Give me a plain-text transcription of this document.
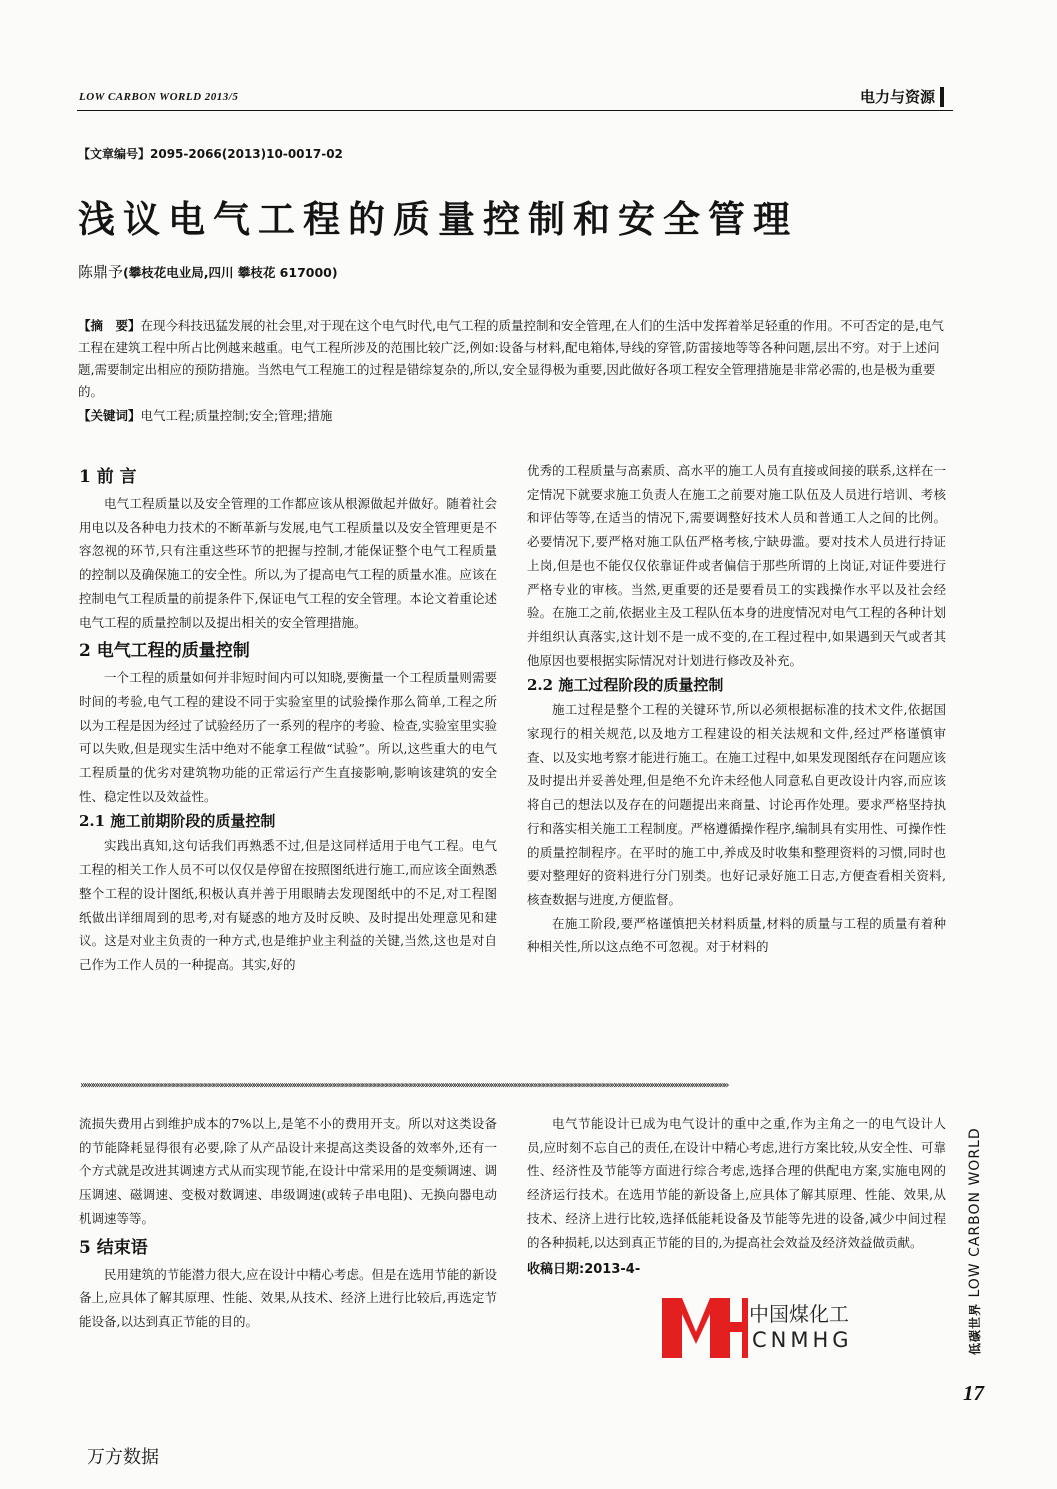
LOW CARBON WORLD 2013/5	电力与资源
【文章编号】2095-2066(2013)10-0017-02
浅议电气工程的质量控制和安全管理
陈鼎予(攀枝花电业局,四川 攀枝花 617000)
【摘　要】在现今科技迅猛发展的社会里,对于现在这个电气时代,电气工程的质量控制和安全管理,在人们的生活中发挥着举足轻重的作用。不可否定的是,电气工程在建筑工程中所占比例越来越重。电气工程所涉及的范围比较广泛,例如:设备与材料,配电箱体,导线的穿管,防雷接地等等各种问题,层出不穷。对于上述问题,需要制定出相应的预防措施。当然电气工程施工的过程是错综复杂的,所以,安全显得极为重要,因此做好各项工程安全管理措施是非常必需的,也是极为重要的。
【关键词】电气工程;质量控制;安全;管理;措施
1 前 言

电气工程质量以及安全管理的工作都应该从根源做起并做好。随着社会用电以及各种电力技术的不断革新与发展,电气工程质量以及安全管理更是不容忽视的环节,只有注重这些环节的把握与控制,才能保证整个电气工程质量的控制以及确保施工的安全性。所以,为了提高电气工程的质量水准。应该在控制电气工程质量的前提条件下,保证电气工程的安全管理。本论文着重论述电气工程的质量控制以及提出相关的安全管理措施。

2 电气工程的质量控制

一个工程的质量如何并非短时间内可以知晓,要衡量一个工程质量则需要时间的考验,电气工程的建设不同于实验室里的试验操作那么简单,工程之所以为工程是因为经过了试验经历了一系列的程序的考验、检查,实验室里实验可以失败,但是现实生活中绝对不能拿工程做“试验”。所以,这些重大的电气工程质量的优劣对建筑物功能的正常运行产生直接影响,影响该建筑的安全性、稳定性以及效益性。

2.1 施工前期阶段的质量控制

实践出真知,这句话我们再熟悉不过,但是这同样适用于电气工程。电气工程的相关工作人员不可以仅仅是停留在按照图纸进行施工,而应该全面熟悉整个工程的设计图纸,积极认真并善于用眼睛去发现图纸中的不足,对工程图纸做出详细周到的思考,对有疑惑的地方及时反映、及时提出处理意见和建议。这是对业主负责的一种方式,也是维护业主利益的关键,当然,这也是对自己作为工作人员的一种提高。其实,好的

优秀的工程质量与高素质、高水平的施工人员有直接或间接的联系,这样在一定情况下就要求施工负责人在施工之前要对施工队伍及人员进行培训、考核和评估等等,在适当的情况下,需要调整好技术人员和普通工人之间的比例。必要情况下,要严格对施工队伍严格考核,宁缺毋滥。要对技术人员进行持证上岗,但是也不能仅仅依靠证件或者偏信于那些所谓的上岗证,对证件要进行严格专业的审核。当然,更重要的还是要看员工的实践操作水平以及社会经验。在施工之前,依据业主及工程队伍本身的进度情况对电气工程的各种计划并组织认真落实,这计划不是一成不变的,在工程过程中,如果遇到天气或者其他原因也要根据实际情况对计划进行修改及补充。

2.2 施工过程阶段的质量控制

施工过程是整个工程的关键环节,所以必须根据标准的技术文件,依据国家现行的相关规范,以及地方工程建设的相关法规和文件,经过严格谨慎审查、以及实地考察才能进行施工。在施工过程中,如果发现图纸存在问题应该及时提出并妥善处理,但是绝不允许未经他人同意私自更改设计内容,而应该将自己的想法以及存在的问题提出来商量、讨论再作处理。要求严格坚持执行和落实相关施工工程制度。严格遵循操作程序,编制具有实用性、可操作性的质量控制程序。在平时的施工中,养成及时收集和整理资料的习惯,同时也要对整理好的资料进行分门别类。也好记录好施工日志,方便查看相关资料,核查数据与进度,方便监督。

在施工阶段,要严格谨慎把关材料质量,材料的质量与工程的质量有着种种相关性,所以这点绝不可忽视。对于材料的

»»»»»»»»»»»»»»»»»»»»»»»»»»»»»»»»»»»»»»»»»»»»»»»»»»»»»»»»»»»»»»»»»»»»»»»»»»»»»»»»»»»»»»»»»»»»»»»»»»»»»»»»»»»»»»»»»»»»»»»»»»»»»»»»»»»»»»»»»»»»»»»»»»»»»»»»»»»»»»»»»

流损失费用占到维护成本的7%以上,是笔不小的费用开支。所以对这类设备的节能降耗显得很有必要,除了从产品设计来提高这类设备的效率外,还有一个方式就是改进其调速方式从而实现节能,在设计中常采用的是变频调速、调压调速、磁调速、变极对数调速、串级调速(或转子串电阻)、无换向器电动机调速等等。

5 结束语

民用建筑的节能潜力很大,应在设计中精心考虑。但是在选用节能的新设备上,应具体了解其原理、性能、效果,从技术、经济上进行比较后,再选定节能设备,以达到真正节能的目的。

电气节能设计已成为电气设计的重中之重,作为主角之一的电气设计人员,应时刻不忘自己的责任,在设计中精心考虑,进行方案比较,从安全性、可靠性、经济性及节能等方面进行综合考虑,选择合理的供配电方案,实施电网的经济运行技术。在选用节能的新设备上,应具体了解其原理、性能、效果,从技术、经济上进行比较,选择低能耗设备及节能等先进的设备,减少中间过程的各种损耗,以达到真正节能的目的,为提高社会效益及经济效益做贡献。

收稿日期:2013-4-
中国煤化工
CNMHG	低碳世界 LOW CARBON WORLD
17
万方数据
